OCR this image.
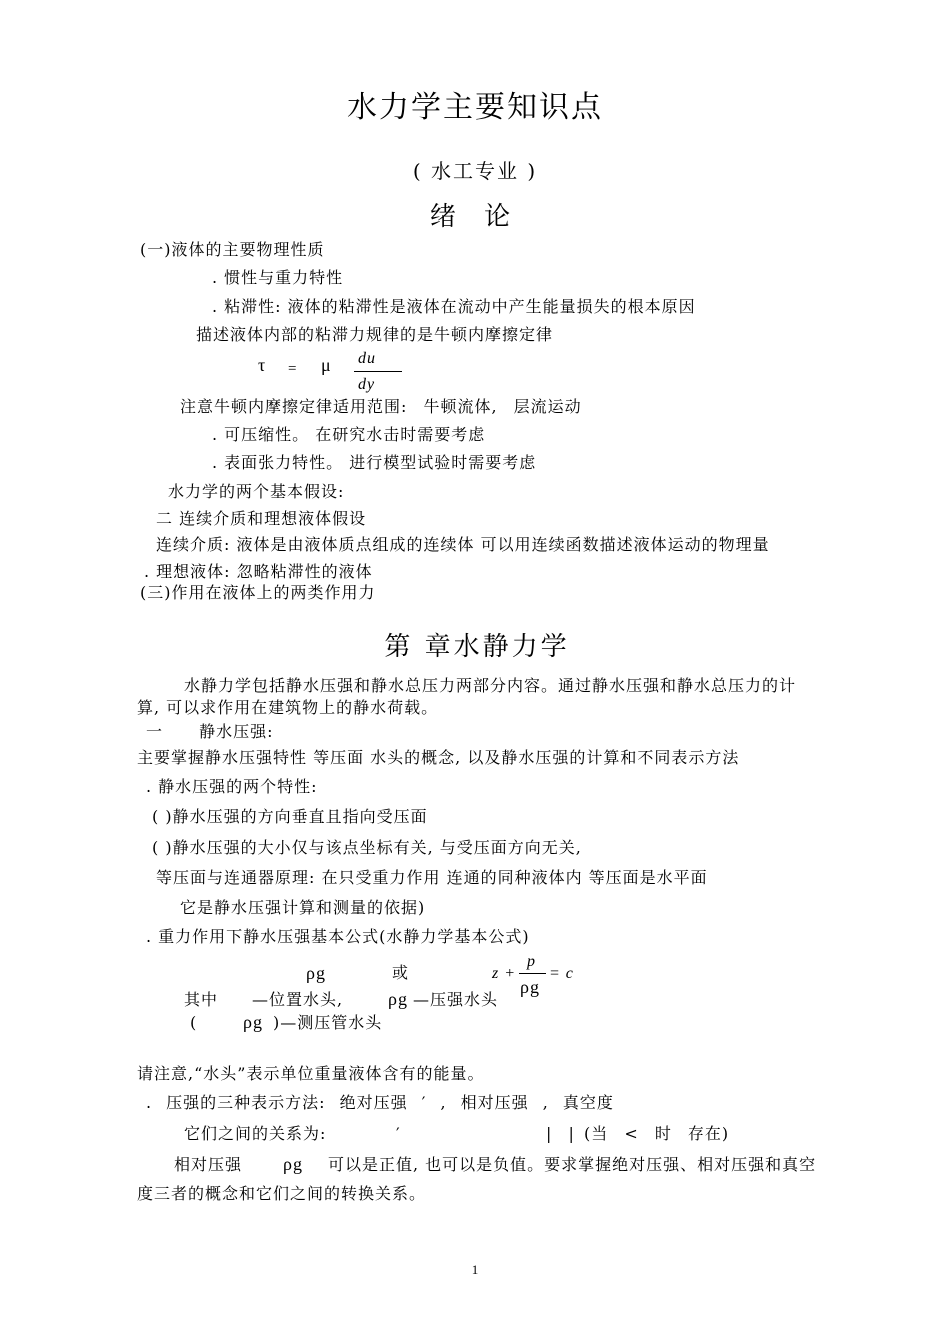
水力学主要知识点
( 水工专业 )
绪 论
(一)液体的主要物理性质
. 惯性与重力特性
. 粘滞性: 液体的粘滞性是液体在流动中产生能量损失的根本原因
描述液体内部的粘滞力规律的是牛顿内摩擦定律
τ = μ du
dy
注意牛顿内摩擦定律适用范围: 牛顿流体, 层流运动
. 可压缩性。 在研究水击时需要考虑
. 表面张力特性。 进行模型试验时需要考虑
水力学的两个基本假设:
二 连续介质和理想液体假设
连续介质: 液体是由液体质点组成的连续体 可以用连续函数描述液体运动的物理量
. 理想液体: 忽略粘滞性的液体
(三)作用在液体上的两类作用力
第 章水静力学
水静力学包括静水压强和静水总压力两部分内容。通过静水压强和静水总压力的计
算, 可以求作用在建筑物上的静水荷载。
一 静水压强:
主要掌握静水压强特性 等压面 水头的概念, 以及静水压强的计算和不同表示方法
. 静水压强的两个特性:
( )静水压强的方向垂直且指向受压面
( )静水压强的大小仅与该点坐标有关, 与受压面方向无关,
等压面与连通器原理: 在只受重力作用 连通的同种液体内 等压面是水平面
它是静水压强计算和测量的依据)
. 重力作用下静水压强基本公式(水静力学基本公式)
ρg	或	z +
p
ρg
= c
其中 —位置水头, ρg —压强水头
(	ρg )—测压管水头
请注意,“水头”表示单位重量液体含有的能量。
. 压强的三种表示方法: 绝对压强 ′ , 相对压强 , 真空度
它们之间的关系为:	′	| | (当 < 时 存在)
相对压强 ρg 可以是正值, 也可以是负值。要求掌握绝对压强、相对压强和真空
度三者的概念和它们之间的转换关系。
1
